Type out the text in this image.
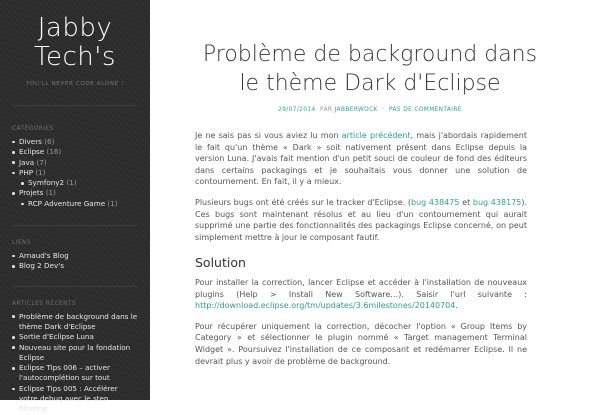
Jabby
Tech's
YOU'LL NEVER CODE ALONE !
CATÉGORIES
Divers (6)
Eclipse (16)
Java (7)
PHP (1)
Symfony2 (1)
Projets (1)
RCP Adventure Game (1)
LIENS
Arnaud's Blog
Blog 2 Dev's
ARTICLES RÉCENTS
Problème de background dans le thème Dark d'Eclipse
Sortie d'Eclipse Luna
Nouveau site pour la fondation Eclipse
Eclipse Tips 006 – activer l'autocomplétion sur tout
Eclipse Tips 005 : Accélérer votre debug avec le step filtering
Problème de background dans
le thème Dark d'Eclipse
29/07/2014 PAR JABBERWOCK · PAS DE COMMENTAIRE

Je ne sais pas si vous aviez lu mon article précédent, mais j'abordais rapidement le fait qu'un thème « Dark » soit nativement présent dans Eclipse depuis la version Luna. J'avais fait mention d'un petit souci de couleur de fond des éditeurs dans certains packagings et je souhaitais vous donner une solution de contournement. En fait, il y a mieux.

Plusieurs bugs ont été créés sur le tracker d'Eclipse. (bug 438475 et bug 438175). Ces bugs sont maintenant résolus et au lieu d'un contournement qui aurait supprimé une partie des fonctionnalités des packagings Eclipse concerné, on peut simplement mettre à jour le composant fautif.

Solution

Pour installer la correction, lancer Eclipse et accéder à l'installation de nouveaux plugins (Help > Install New Software…). Saisir l'url suivante : http://download.eclipse.org/tm/updates/3.6milestones/20140704.

Pour récupérer uniquement la correction, décocher l'option « Group Items by Category » et sélectionner le plugin nommé « Target management Terminal Widget ». Poursuivez l'installation de ce composant et redémarrer Eclipse. Il ne devrait plus y avoir de problème de background.
